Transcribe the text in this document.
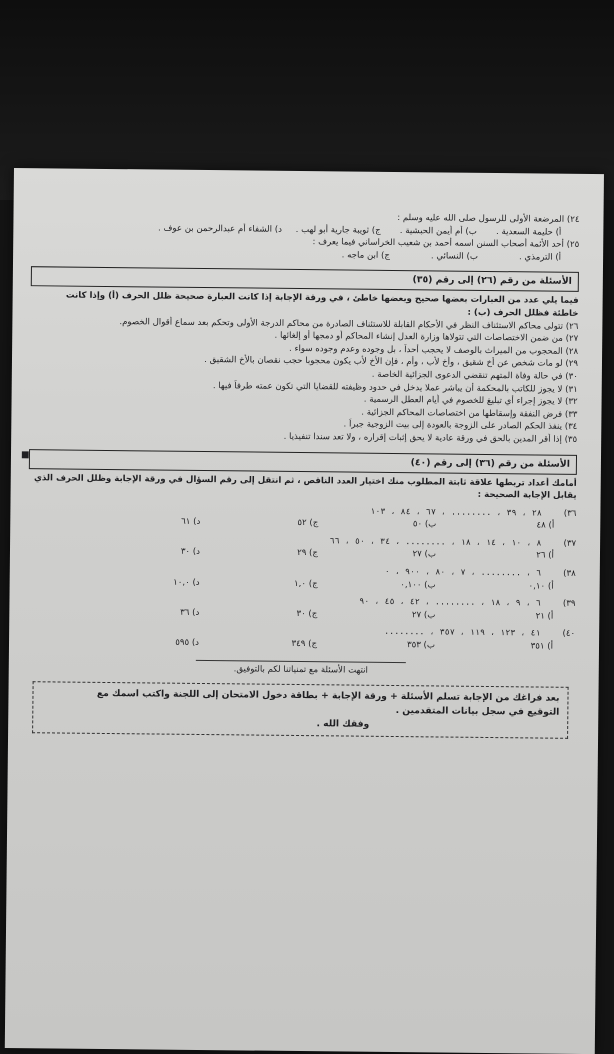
٢٤) المرضعة الأولى للرسول صلى الله عليه وسلم :
أ) حليمة السعدية .       ب) أم أيمن الحبشية .       ج) ثويبة جارية أبو لهب .     د) الشفاء أم عبدالرحمن بن عوف .
٢٥) أحد الأئمة أصحاب السنن اسمه أحمد بن شعيب الخراساني فيما يعرف :
أ) الترمذي .               ب) النسائي .               ج) ابن ماجه .
الأسئلة من رقم (٢٦) إلى رقم (٣٥)
فيما يلي عدد من العبارات بعضها صحيح وبعضها خاطئ ، في ورقة الإجابة إذا كانت العبارة صحيحة ظلل الحرف (أ) وإذا كانت
خاطئة فظلل الحرف (ب) :
٢٦) تتولى محاكم الاستئناف النظر في الأحكام القابلة للاستئناف الصادرة من محاكم الدرجة الأولى وتحكم بعد سماع أقوال الخصوم.
٢٧) من ضمن الاختصاصات التي تتولاها وزارة العدل إنشاء المحاكم أو دمجها أو إلغائها .
٢٨) المحجوب من الميراث بالوصف لا يحجب أحداً ، بل وجوده وعدم وجوده سواء .
٢٩) لو مات شخص عن أخ شقيق ، وأخ لأب ، وأم ، فإن الأخ لأب يكون محجوبا حجب نقصان بالأخ الشقيق .
٣٠) في حالة وفاة المتهم تنقضي الدعوى الجزائية الخاصة .
٣١) لا يجوز للكاتب بالمحكمة أن يباشر عملا يدخل في حدود وظيفته للقضايا التي تكون عمته طرفاً فيها .
٣٢) لا يجوز إجراء أي تبليغ للخصوم في أيام العطل الرسمية .
٣٣) فرض النفقة وإسقاطها من اختصاصات المحاكم الجزائية .
٣٤) ينفذ الحكم الصادر على الزوجة بالعودة إلى بيت الزوجية جبراً .
٣٥) إذا أقر المدين بالحق في ورقة عادية لا يحق إثبات إقراره ، ولا تعد سندا تنفيذيا .
■
الأسئلة من رقم (٣٦) إلى رقم (٤٠)
أمامك أعداد تربطها علاقة ثابتة المطلوب منك اختيار العدد الناقص ، ثم انتقل إلى رقم السؤال في ورقة الإجابة وظلل الحرف الذي
يقابل الإجابة الصحيحة :
٣٦)٢٨ ، ٣٩ ، ........ ، ٦٧ ، ٨٤ ، ١٠٣
أ) ٤٨
ب) ٥٠
ج) ٥٢
د) ٦١
٣٧)٨ ، ١٠ ، ١٤ ، ١٨ ، ........ ، ٣٤ ، ٥٠ ، ٦٦
أ) ٢٦
ب) ٢٧
ج) ٢٩
د) ٣٠
٣٨)٦ ، ........ ، ٧ ، ٨٠ ، ٩٠٠ ، ٠
أ) ٠,١٠
ب) ٠,١٠٠
ج) ١,٠
د) ١٠,٠
٣٩)٦ ، ٩ ، ١٨ ، ........ ، ٤٢ ، ٤٥ ، ٩٠
أ) ٢١
ب) ٢٧
ج) ٣٠
د) ٣٦
٤٠)٤١ ، ١٢٣ ، ١١٩ ، ٣٥٧ ، ........
أ) ٣٥١
ب) ٣٥٣
ج) ٣٤٩
د) ٥٩٥
انتهت الأسئلة مع تمنياتنا لكم بالتوفيق.
بعد فراغك من الإجابة تسلم الأسئلة + ورقة الإجابة + بطاقة دخول الامتحان إلى اللجنة واكتب اسمك مع
التوقيع في سجل بيانات المتقدمين .
وفقك الله .
